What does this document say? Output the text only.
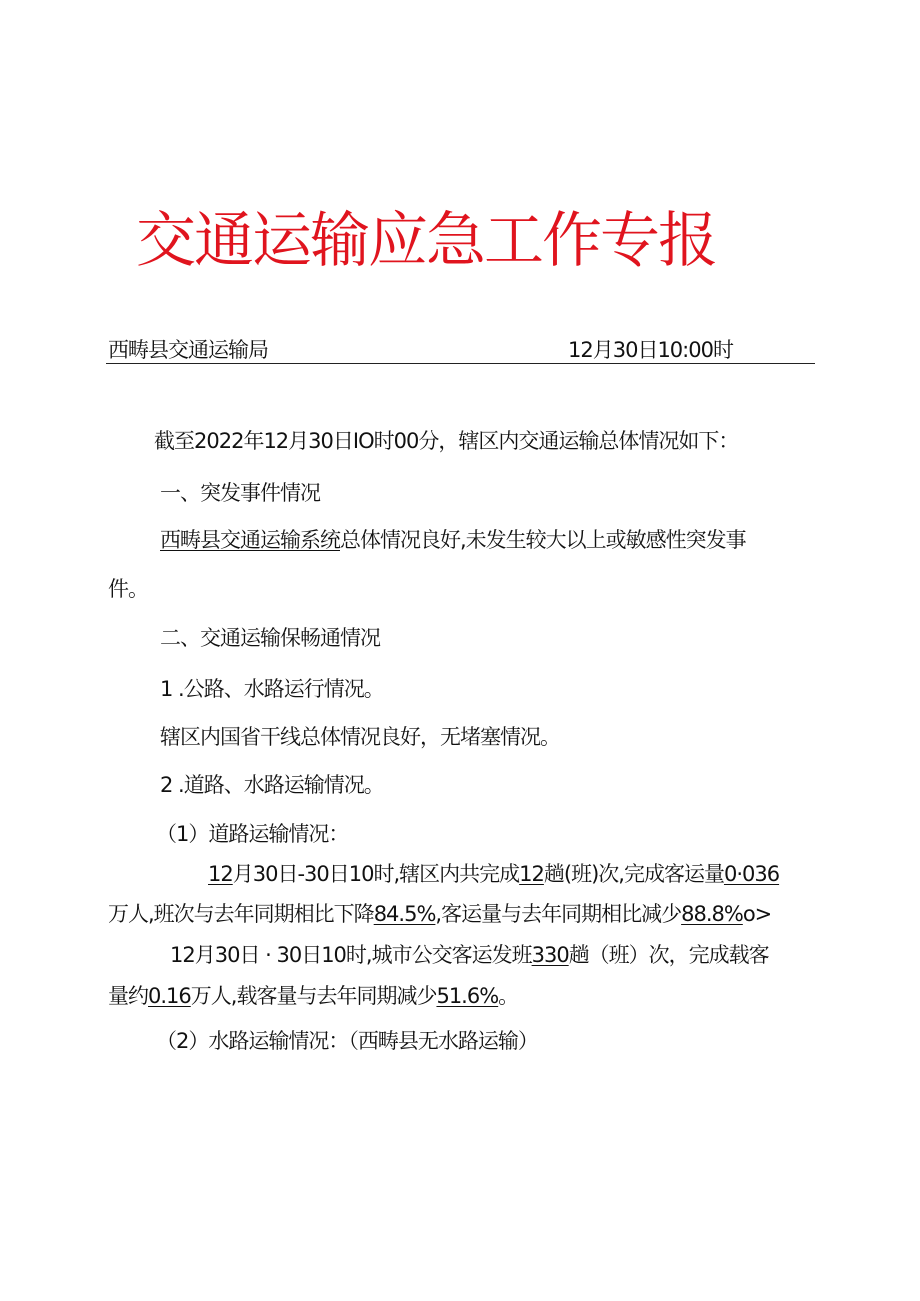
交通运输应急工作专报
西畴县交通运输局	12月30日10:00时
截至2022年12月30日IO时00分，辖区内交通运输总体情况如下：
一、突发事件情况
西畴县交通运输系统总体情况良好,未发生较大以上或敏感性突发事
件。
二、交通运输保畅通情况
1 .公路、水路运行情况。
辖区内国省干线总体情况良好，无堵塞情况。
2 .道路、水路运输情况。
（1）道路运输情况：
12月30日-30日10时,辖区内共完成12趟(班)次,完成客运量0·036
万人,班次与去年同期相比下降84.5%,客运量与去年同期相比减少88.8%o>
12月30日 · 30日10时,城市公交客运发班330趟（班）次，完成载客
量约0.16万人,载客量与去年同期减少51.6%。
（2）水路运输情况：（西畴县无水路运输）
